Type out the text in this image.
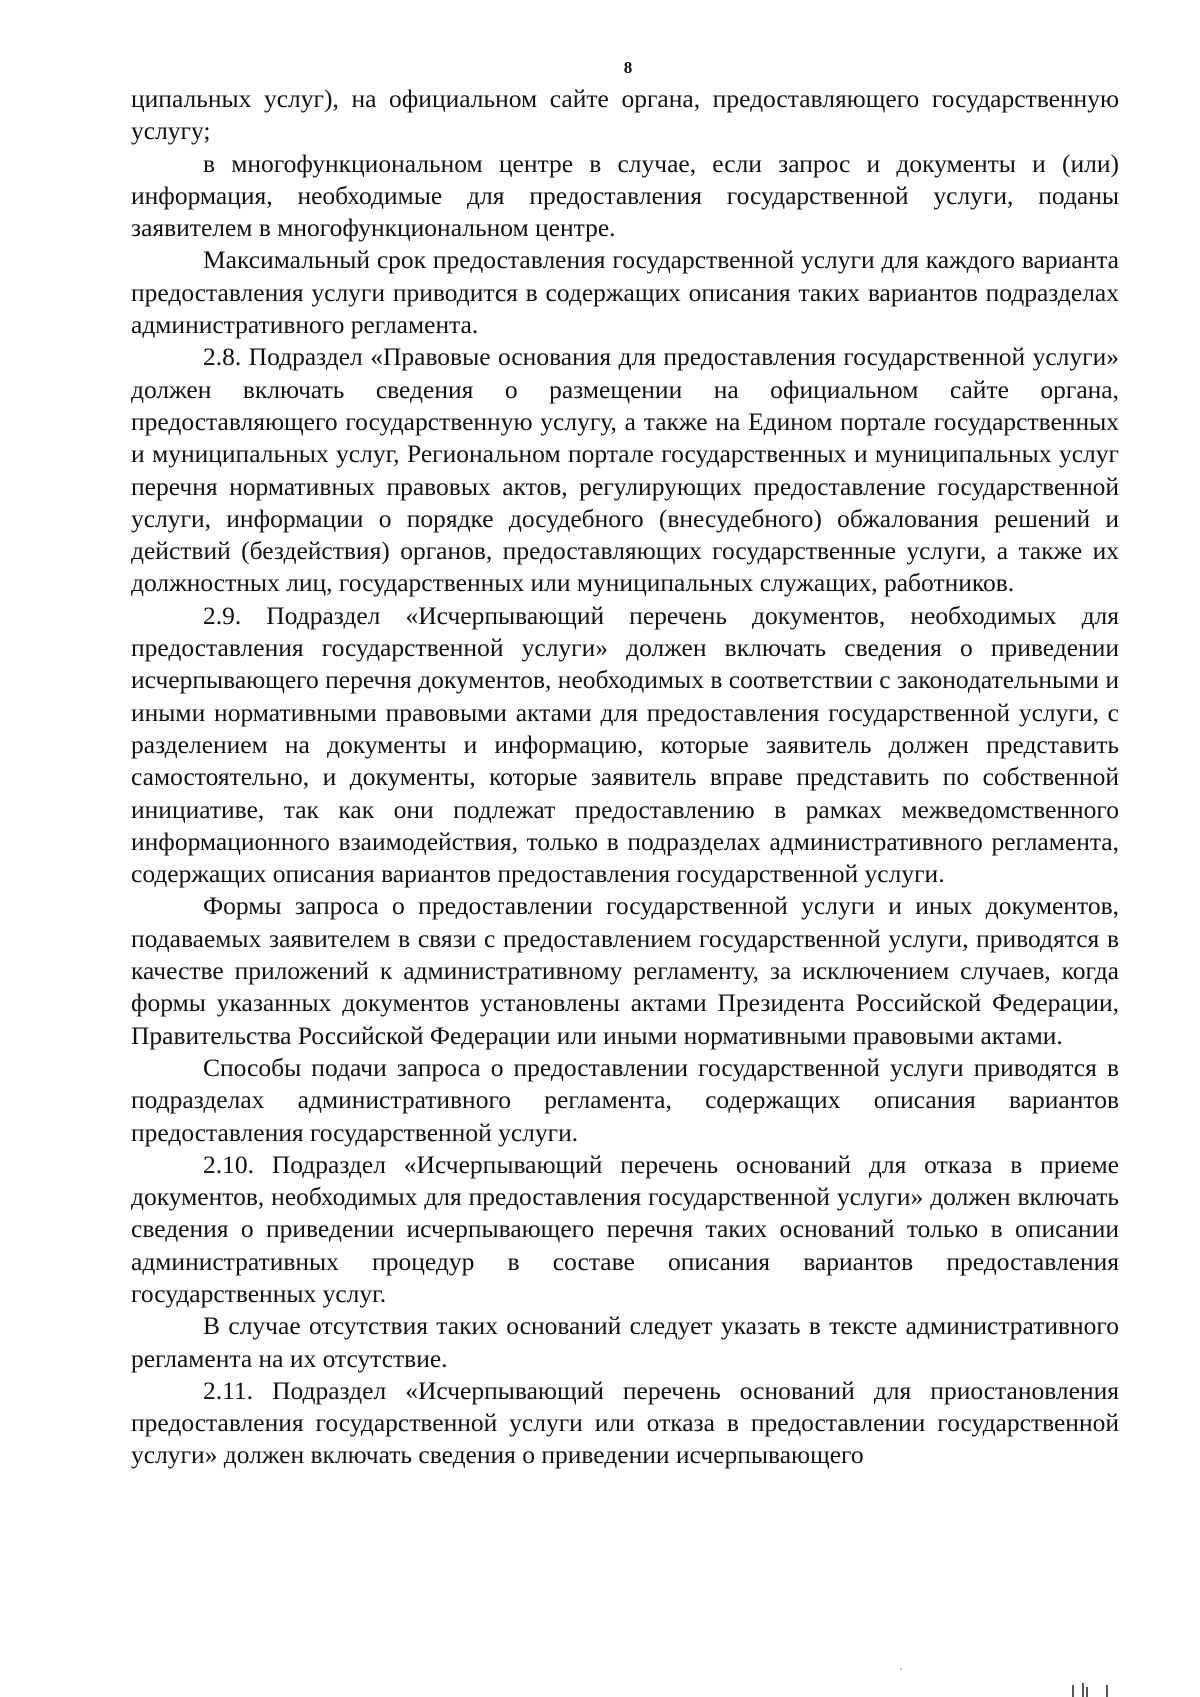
8

ципальных услуг), на официальном сайте органа, предоставляющего государственную услугу;

в многофункциональном центре в случае, если запрос и документы и (или) информация, необходимые для предоставления государственной услуги, поданы заявителем в многофункциональном центре.

Максимальный срок предоставления государственной услуги для каждого варианта предоставления услуги приводится в содержащих описания таких вариантов подразделах административного регламента.

2.8. Подраздел «Правовые основания для предоставления государственной услуги» должен включать сведения о размещении на официальном сайте органа, предоставляющего государственную услугу, а также на Едином портале государственных и муниципальных услуг, Региональном портале государственных и муниципальных услуг перечня нормативных правовых актов, регулирующих предоставление государственной услуги, информации о порядке досудебного (внесудебного) обжалования решений и действий (бездействия) органов, предоставляющих государственные услуги, а также их должностных лиц, государственных или муниципальных служащих, работников.

2.9. Подраздел «Исчерпывающий перечень документов, необходимых для предоставления государственной услуги» должен включать сведения о приведении исчерпывающего перечня документов, необходимых в соответствии с законодательными и иными нормативными правовыми актами для предоставления государственной услуги, с разделением на документы и информацию, которые заявитель должен представить самостоятельно, и документы, которые заявитель вправе представить по собственной инициативе, так как они подлежат предоставлению в рамках межведомственного информационного взаимодействия, только в подразделах административного регламента, содержащих описания вариантов предоставления государственной услуги.

Формы запроса о предоставлении государственной услуги и иных документов, подаваемых заявителем в связи с предоставлением государственной услуги, приводятся в качестве приложений к административному регламенту, за исключением случаев, когда формы указанных документов установлены актами Президента Российской Федерации, Правительства Российской Федерации или иными нормативными правовыми актами.

Способы подачи запроса о предоставлении государственной услуги приводятся в подразделах административного регламента, содержащих описания вариантов предоставления государственной услуги.

2.10. Подраздел «Исчерпывающий перечень оснований для отказа в приеме документов, необходимых для предоставления государственной услуги» должен включать сведения о приведении исчерпывающего перечня таких оснований только в описании административных процедур в составе описания вариантов предоставления государственных услуг.

В случае отсутствия таких оснований следует указать в тексте административного регламента на их отсутствие.

2.11. Подраздел «Исчерпывающий перечень оснований для приостановления предоставления государственной услуги или отказа в предоставлении государственной услуги» должен включать сведения о приведении исчерпывающего
